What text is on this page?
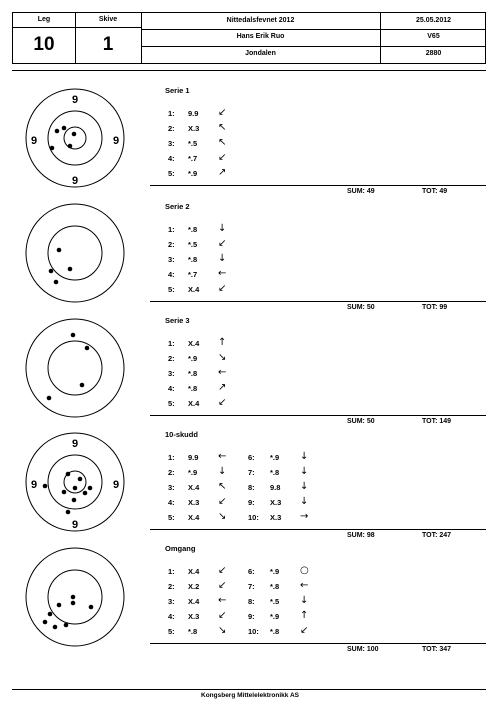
Leg
10
Skive
1
Nittedalsfevnet 2012	25.05.2012
Hans Erik Ruo	V65
Jondalen	2880
Serie 1
1: 9.9 ↙
2: X.3 ↖
3: *.5 ↖
4: *.7 ↙
5: *.9 ↗
SUM: 49	TOT: 49
Serie 2
1: *.8 ↓
2: *.5 ↙
3: *.8 ↓
4: *.7 ←
5: X.4 ↙
SUM: 50	TOT: 99
Serie 3
1: X.4 ↑
2: *.9 ↘
3: *.8 ←
4: *.8 ↗
5: X.4 ↙
SUM: 50	TOT: 149
10-skudd
1: 9.9 ←
2: *.9 ↓
3: X.4 ↖
4: X.3 ↙
5: X.4 ↘
6: *.9 ↓
7: *.8 ↓
8: 9.8 ↓
9: X.3 ↓
10: X.3 →
SUM: 98	TOT: 247
Omgang
1: X.4 ↙
2: X.2 ↙
3: X.4 ←
4: X.3 ↙
5: *.8 ↘
6: *.9 ○
7: *.8 ←
8: *.5 ↓
9: *.9 ↑
10: *.8 ↙
SUM: 100	TOT: 347
9
9	9
9
9
9	9
9
Kongsberg Mittelelektronikk AS
